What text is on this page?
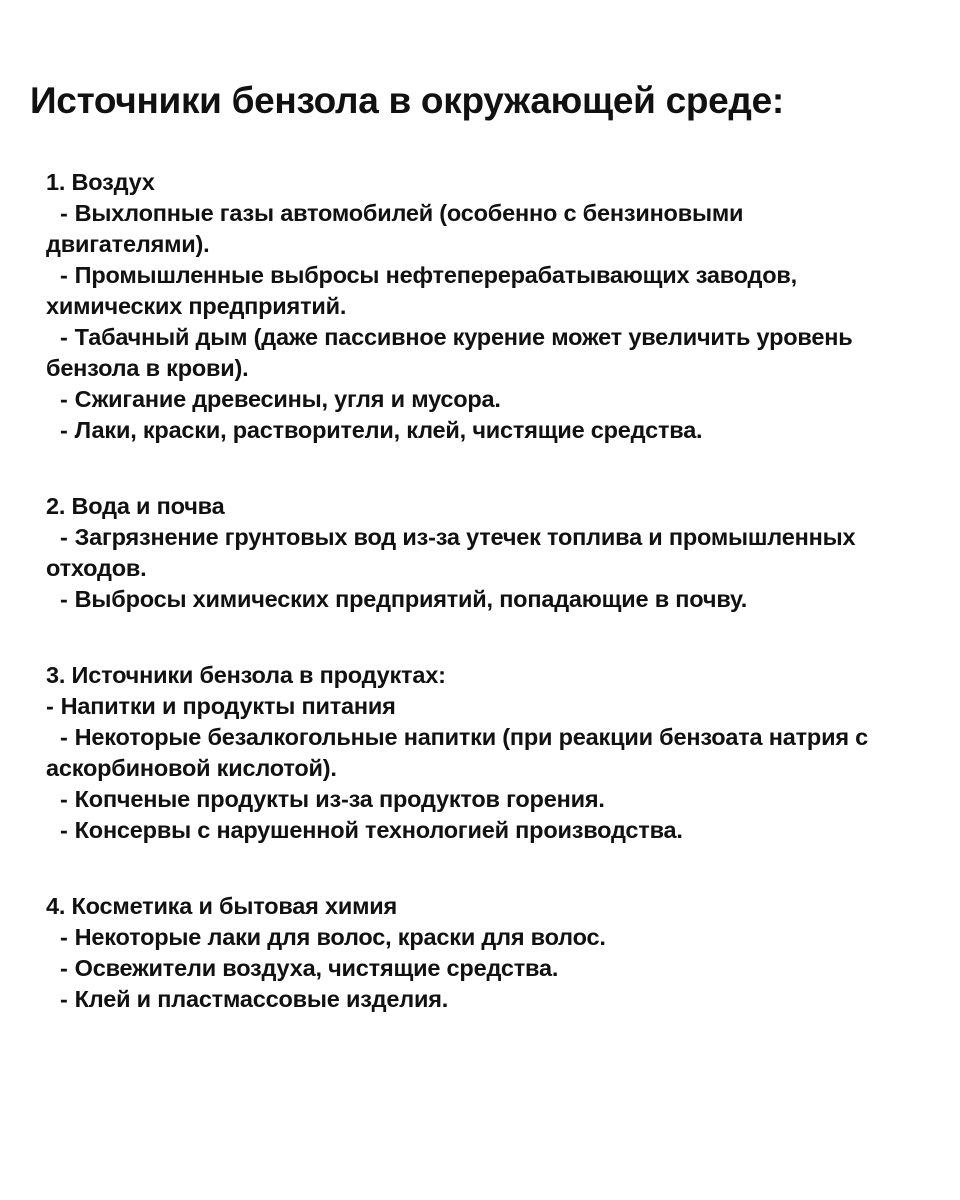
Источники бензола в окружающей среде:

1. Воздух

- Выхлопные газы автомобилей (особенно с бензиновыми двигателями).

- Промышленные выбросы нефтеперерабатывающих заводов, химических предприятий.

- Табачный дым (даже пассивное курение может увеличить уровень бензола в крови).

- Сжигание древесины, угля и мусора.

- Лаки, краски, растворители, клей, чистящие средства.

2. Вода и почва

- Загрязнение грунтовых вод из-за утечек топлива и промышленных отходов.

- Выбросы химических предприятий, попадающие в почву.

3. Источники бензола в продуктах:

- Напитки и продукты питания

- Некоторые безалкогольные напитки (при реакции бензоата натрия с аскорбиновой кислотой).

- Копченые продукты из-за продуктов горения.

- Консервы с нарушенной технологией производства.

4. Косметика и бытовая химия

- Некоторые лаки для волос, краски для волос.

- Освежители воздуха, чистящие средства.

- Клей и пластмассовые изделия.
